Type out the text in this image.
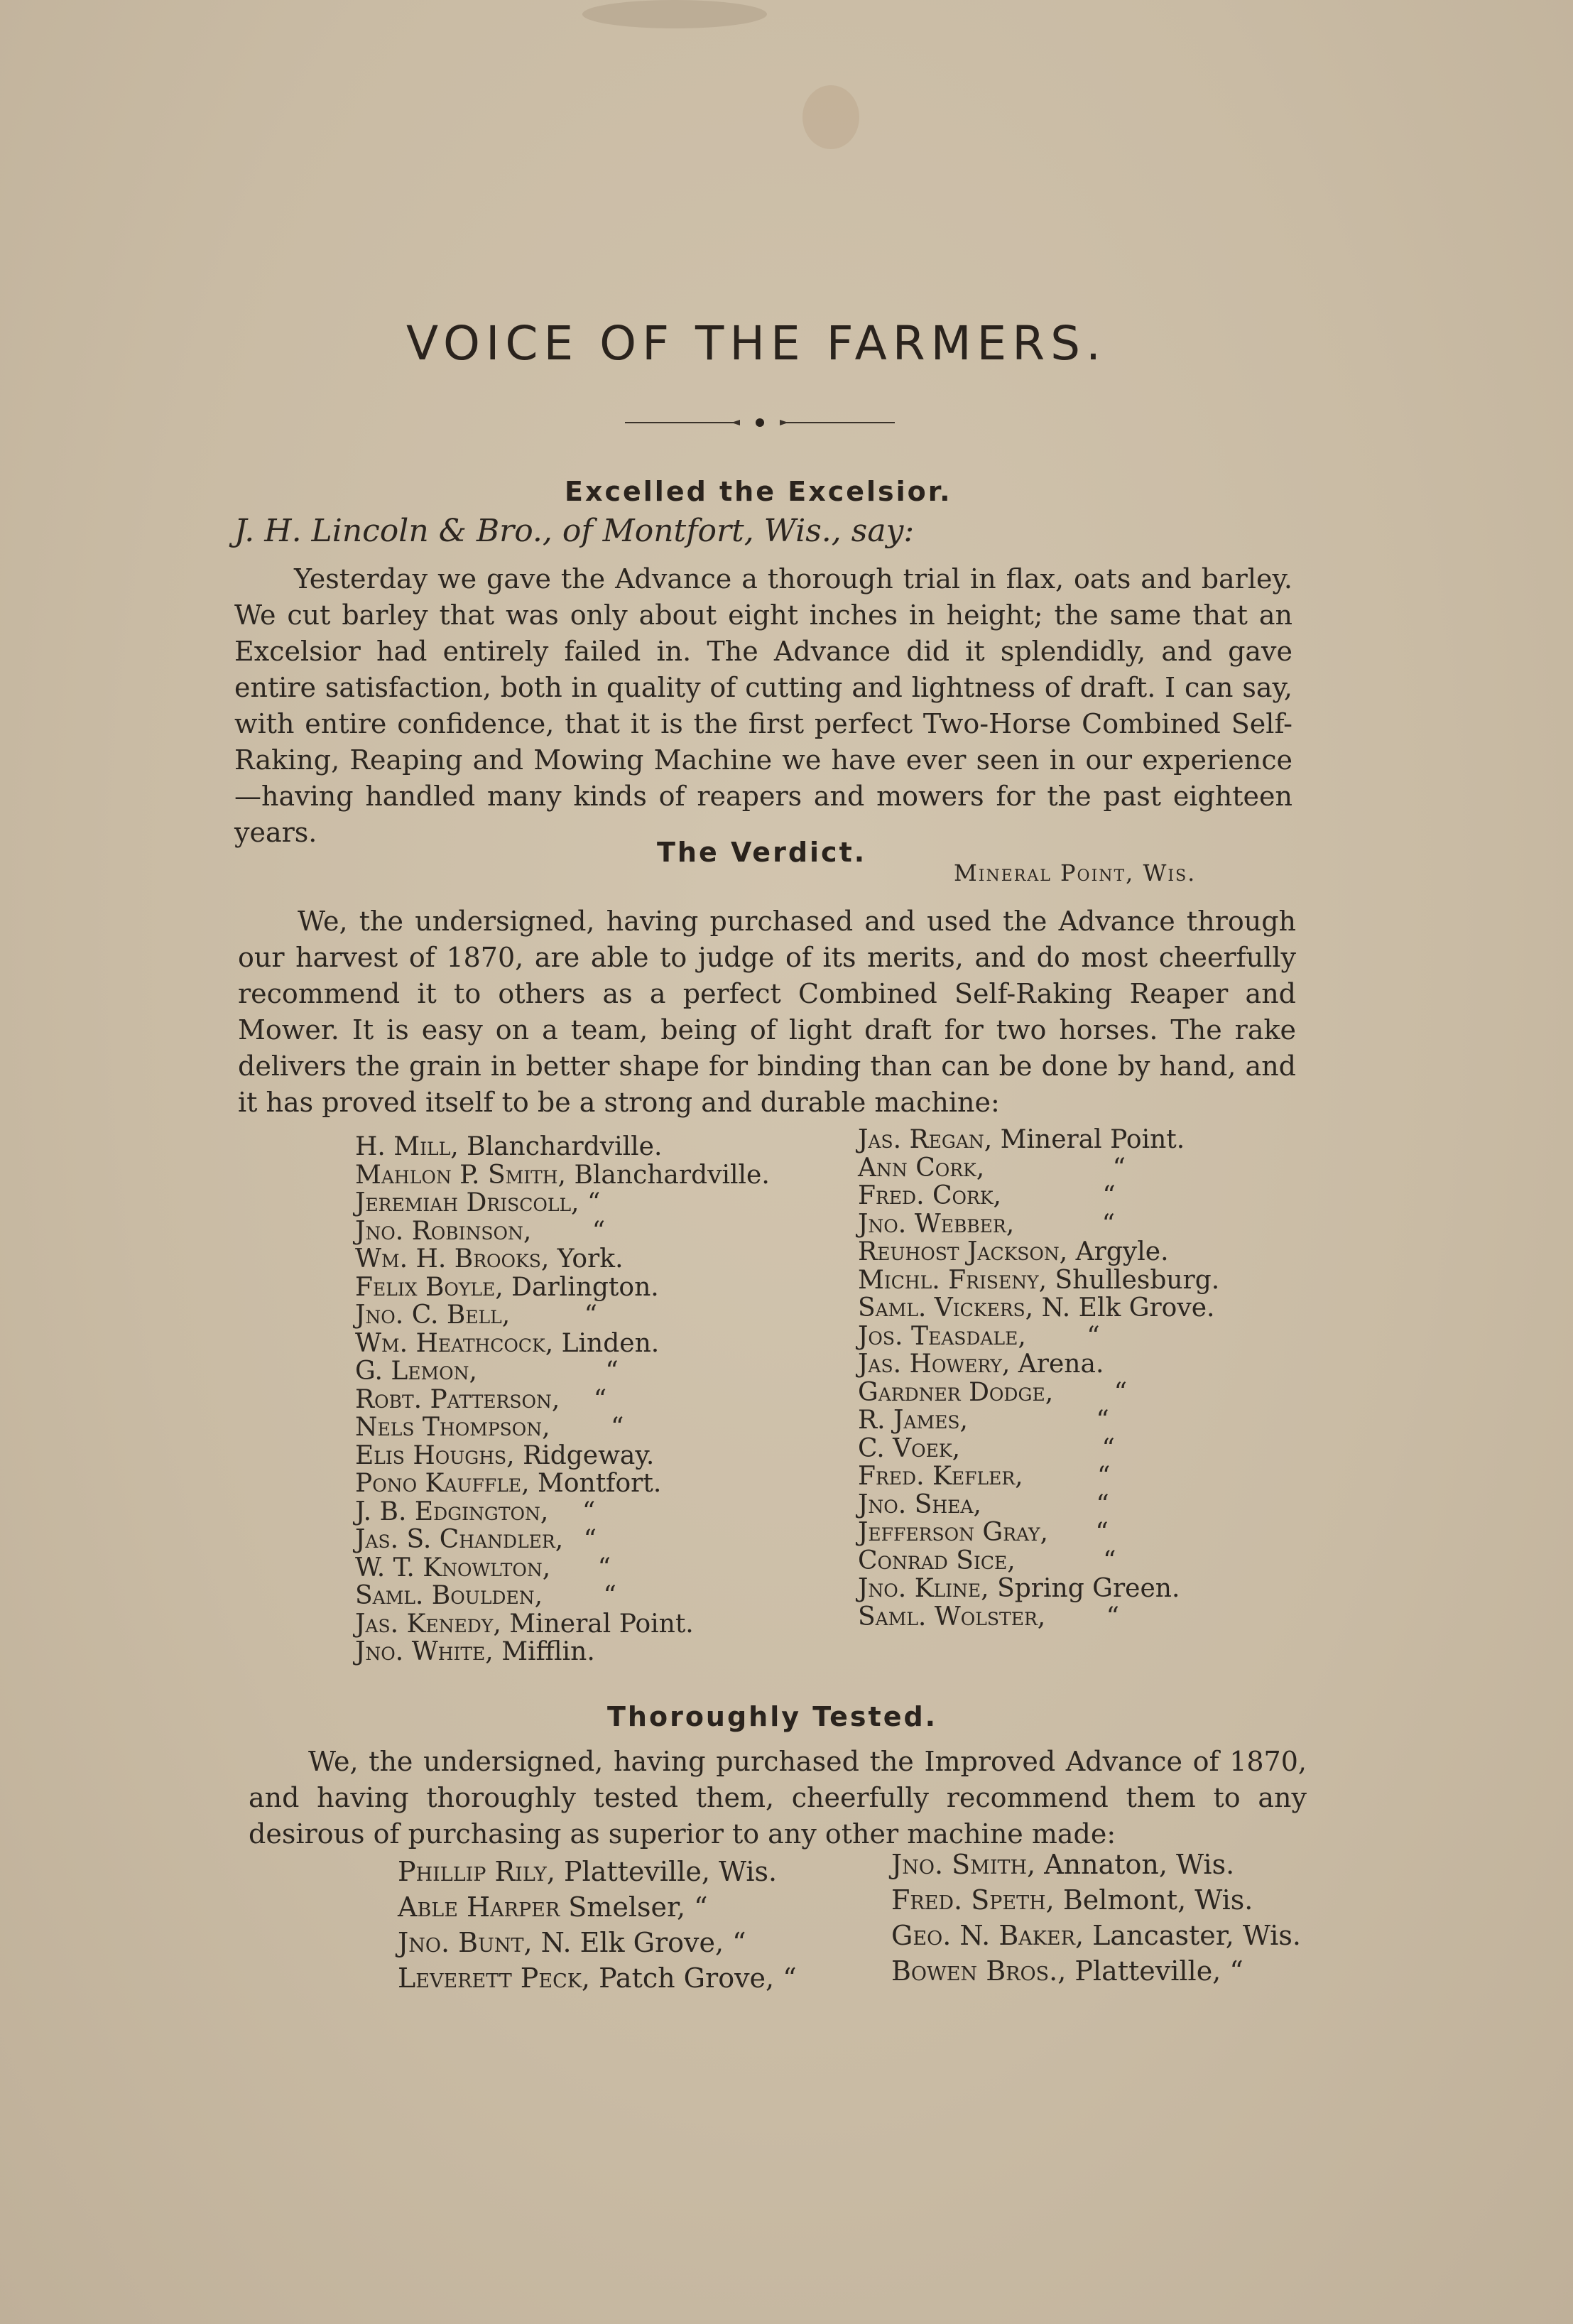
VOICE OF THE FARMERS.
Excelled the Excelsior.
J. H. Lincoln & Bro., of Montfort, Wis., say:
Yesterday we gave the Advance a thorough trial in flax, oats and barley. We cut barley that was only about eight inches in height; the same that an Excelsior had entirely failed in. The Advance did it splendidly, and gave entire satisfaction, both in quality of cutting and lightness of draft. I can say, with entire confidence, that it is the first perfect Two-Horse Combined Self-Raking, Reaping and Mowing Machine we have ever seen in our experience—having handled many kinds of reapers and mowers for the past eighteen years.
The Verdict.
Mineral Point, Wis.
We, the undersigned, having purchased and used the Advance through our harvest of 1870, are able to judge of its merits, and do most cheerfully recommend it to others as a perfect Combined Self-Raking Reaper and Mower. It is easy on a team, being of light draft for two horses. The rake delivers the grain in better shape for binding than can be done by hand, and it has proved itself to be a strong and durable machine:
H. Mill, Blanchardville.
Mahlon P. Smith, Blanchardville.
Jeremiah Driscoll, “
Jno. Robinson, “
Wm. H. Brooks, York.
Felix Boyle, Darlington.
Jno. C. Bell,	“
Wm. Heathcock, Linden.
G. Lemon,	“
Robt. Patterson, “
Nels Thompson, “
Elis Houghs, Ridgeway.
Pono Kauffle, Montfort.
J. B. Edgington, “
Jas. S. Chandler, “
W. T. Knowlton, “
Saml. Boulden, “
Jas. Kenedy, Mineral Point.
Jno. White, Mifflin.
Jas. Regan, Mineral Point.
Ann Cork,	“
Fred. Cork,	“
Jno. Webber,	“
Reuhost Jackson, Argyle.
Michl. Friseny, Shullesburg.
Saml. Vickers, N. Elk Grove.
Jos. Teasdale, “
Jas. Howery, Arena.
Gardner Dodge, “
R. James,	“
C. Voek,	“
Fred. Kefler,	“
Jno. Shea,	“
Jefferson Gray, “
Conrad Sice,	“
Jno. Kline, Spring Green.
Saml. Wolster, “
Thoroughly Tested.
We, the undersigned, having purchased the Improved Advance of 1870, and having thoroughly tested them, cheerfully recommend them to any desirous of purchasing as superior to any other machine made:
Phillip Rily, Platteville, Wis.
Able Harper Smelser, “
Jno. Bunt, N. Elk Grove, “
Leverett Peck, Patch Grove, “
Jno. Smith, Annaton, Wis.
Fred. Speth, Belmont, Wis.
Geo. N. Baker, Lancaster, Wis.
Bowen Bros., Platteville, “
